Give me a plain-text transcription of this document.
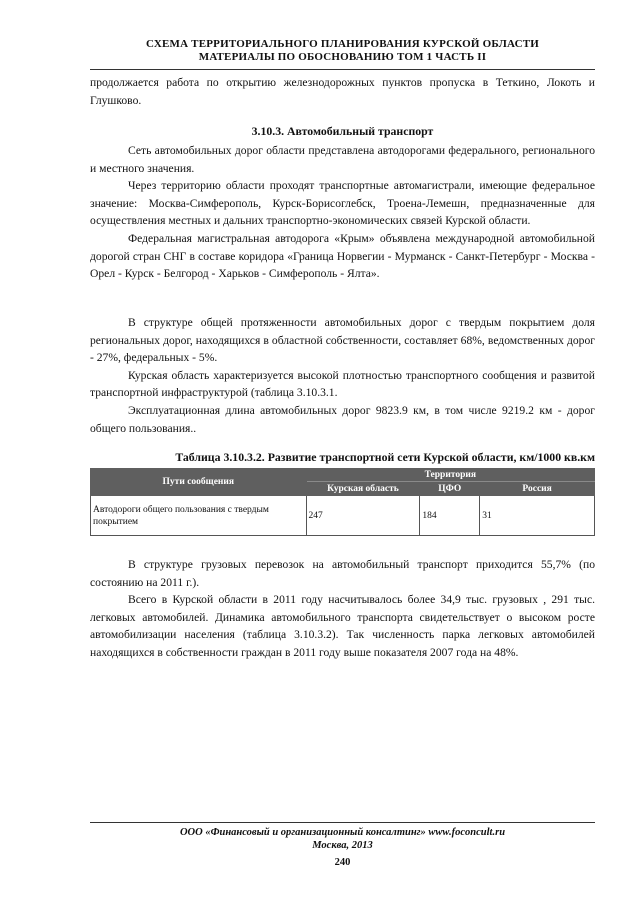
СХЕМА ТЕРРИТОРИАЛЬНОГО ПЛАНИРОВАНИЯ КУРСКОЙ ОБЛАСТИ
МАТЕРИАЛЫ ПО ОБОСНОВАНИЮ ТОМ 1 ЧАСТЬ II

продолжается работа по открытию железнодорожных пунктов пропуска в Теткино, Локоть и Глушково.

3.10.3. Автомобильный транспорт

Сеть автомобильных дорог области представлена автодорогами федерального, регионального и местного значения.

Через территорию области проходят транспортные автомагистрали, имеющие федеральное значение: Москва-Симферополь, Курск-Борисоглебск, Троена-Лемешн, предназначенные для осуществления местных и дальних транспортно-экономических связей Курской области.

Федеральная магистральная автодорога «Крым» объявлена международной автомобильной дорогой стран СНГ в составе коридора «Граница Норвегии - Мурманск - Санкт-Петербург - Москва - Орел - Курск - Белгород - Харьков - Симферополь - Ялта».

В структуре общей протяженности автомобильных дорог с твердым покрытием доля региональных дорог, находящихся в областной собственности, составляет 68%, ведомственных дорог - 27%, федеральных - 5%.

Курская область характеризуется высокой плотностью транспортного сообщения и развитой транспортной инфраструктурой (таблица 3.10.3.1.

Эксплуатационная длина автомобильных дорог 9823.9 км, в том числе 9219.2 км - дорог общего пользования..

Таблица 3.10.3.2. Развитие транспортной сети Курской области, км/1000 кв.км
Пути сообщения	Территория		
	Курская область	ЦФО	Россия
Автодороги общего пользования с твердым покрытием	247	184	31

В структуре грузовых перевозок на автомобильный транспорт приходится 55,7% (по состоянию на 2011 г.).

Всего в Курской области в 2011 году насчитывалось более 34,9 тыс. грузовых , 291 тыс. легковых автомобилей. Динамика автомобильного транспорта свидетельствует о высоком росте автомобилизации населения (таблица 3.10.3.2). Так численность парка легковых автомобилей находящихся в собственности граждан в 2011 году выше показателя 2007 года на 48%.

ООО «Финансовый и организационный консалтинг» www.foconcult.ru
Москва, 2013
240
